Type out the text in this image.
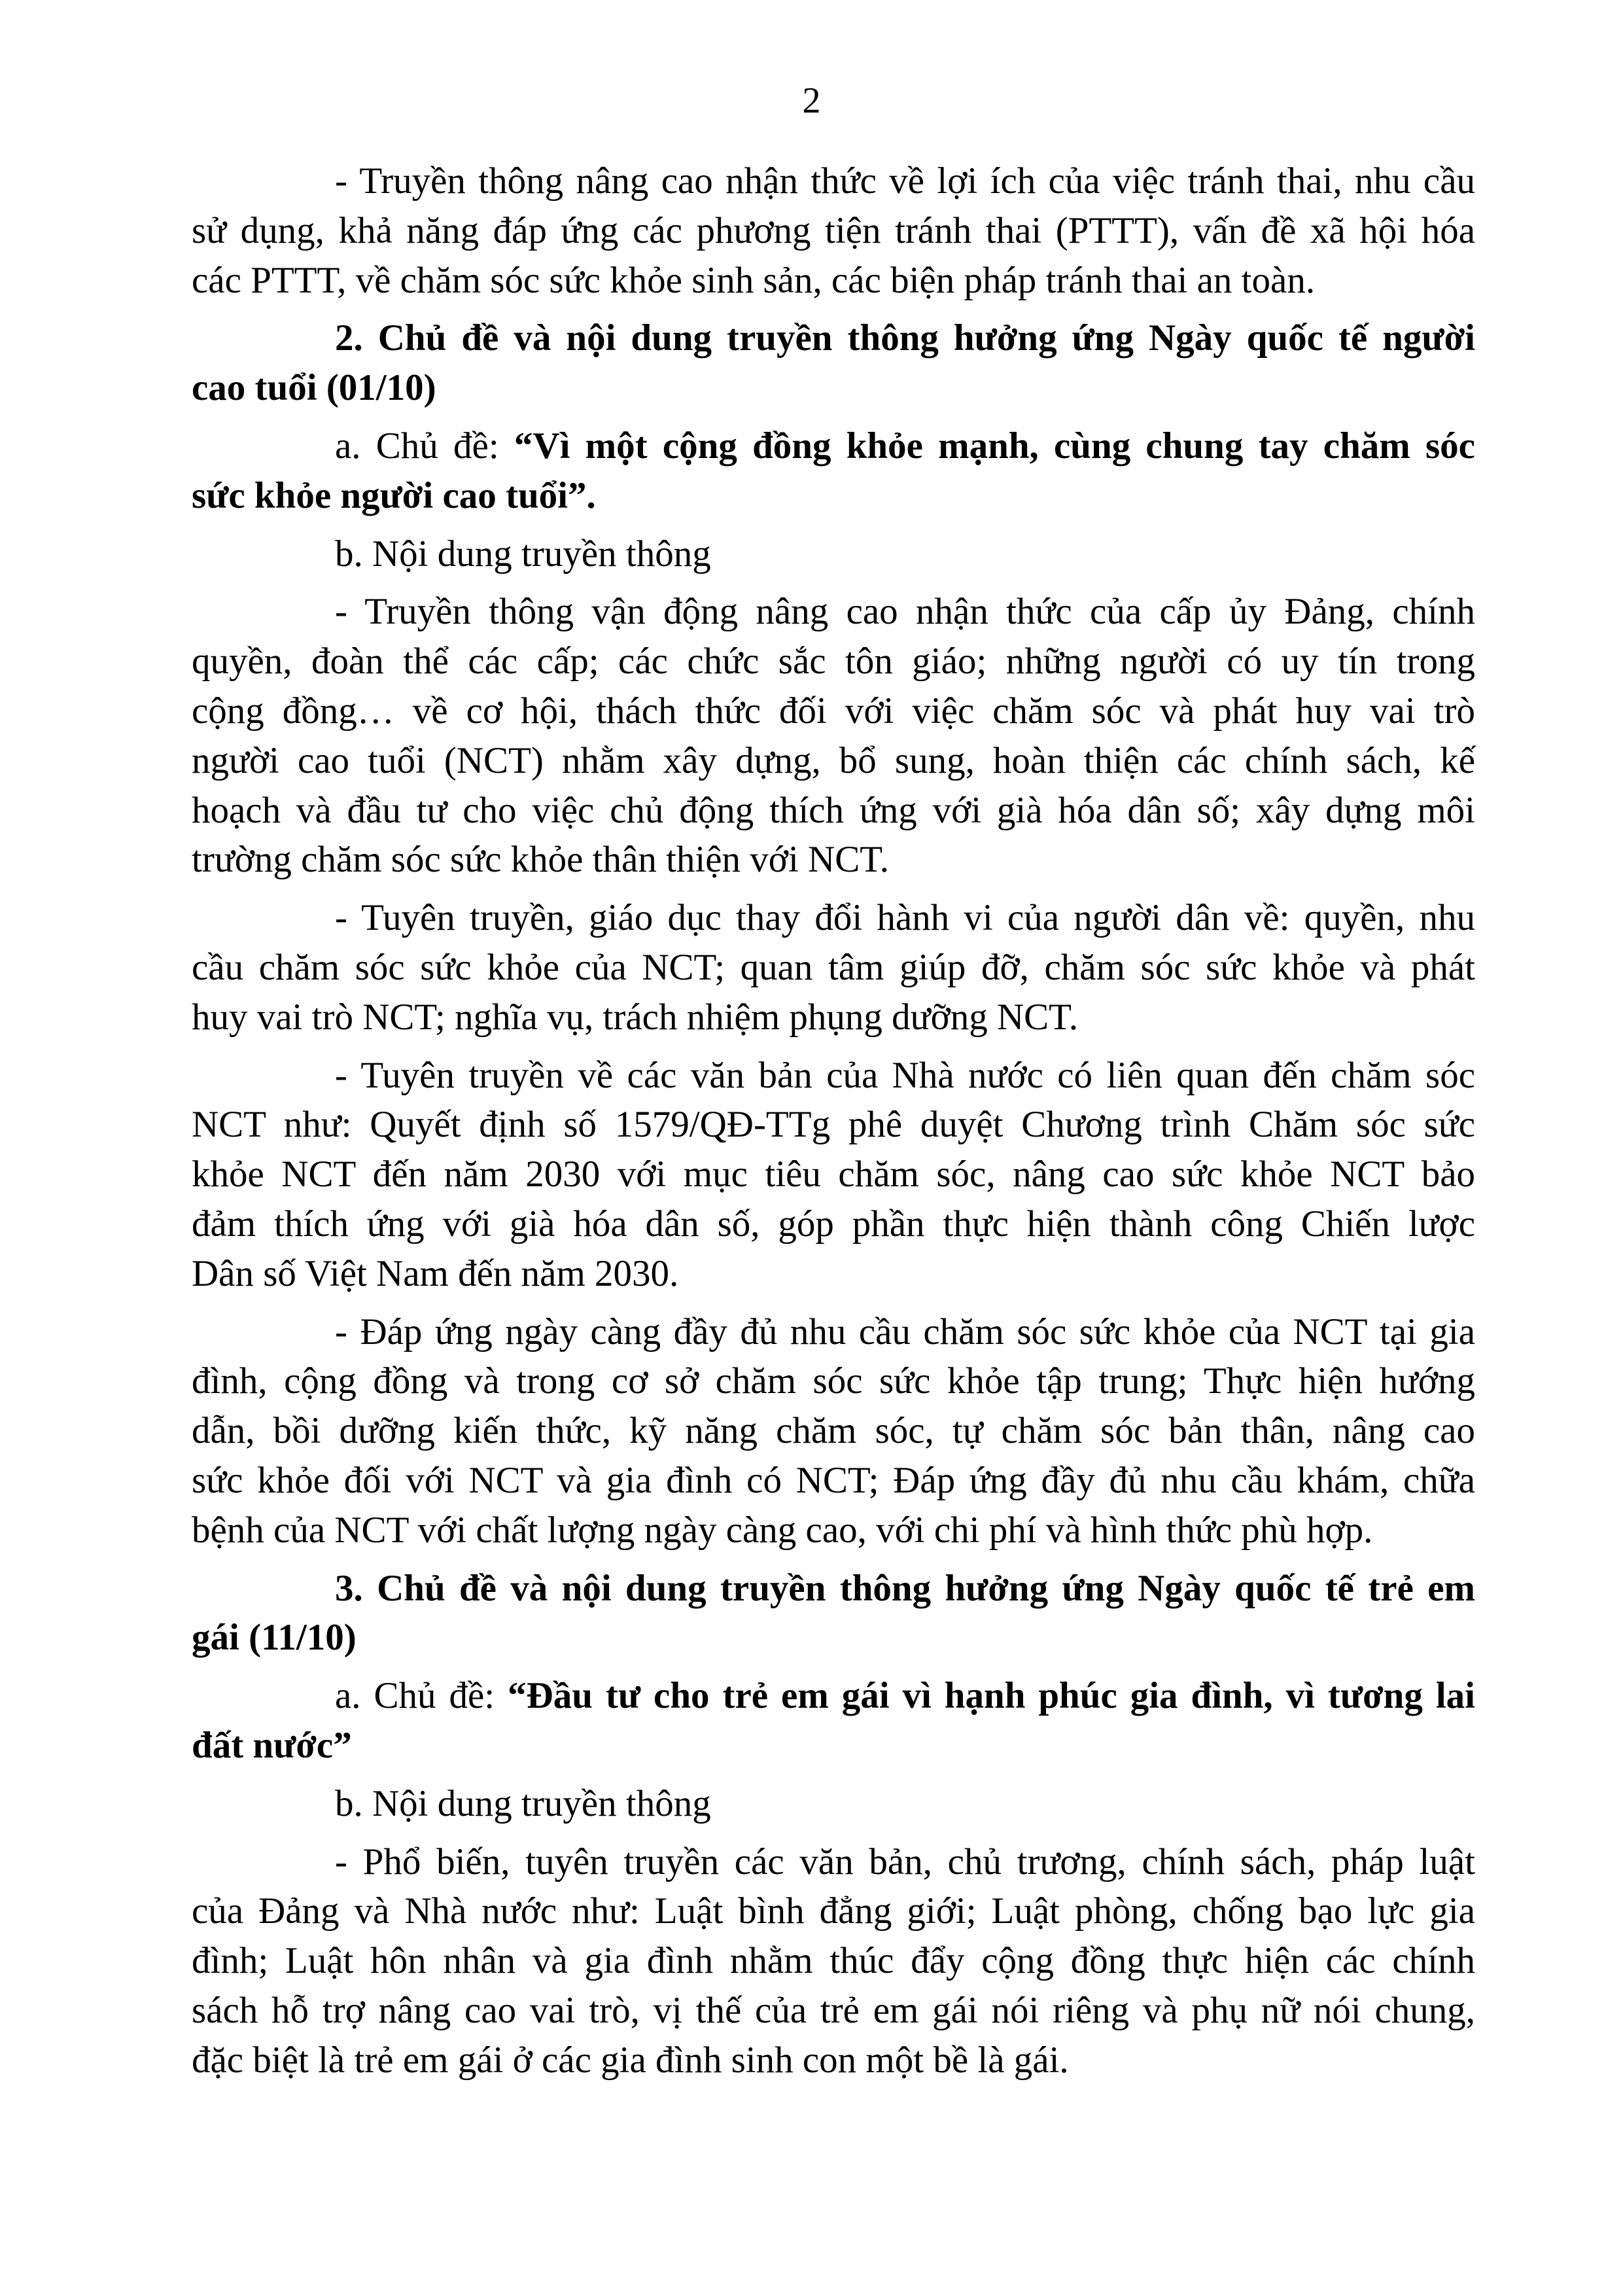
2
- Truyền thông nâng cao nhận thức về lợi ích của việc tránh thai, nhu cầu
sử dụng, khả năng đáp ứng các phương tiện tránh thai (PTTT), vấn đề xã hội hóa
các PTTT, về chăm sóc sức khỏe sinh sản, các biện pháp tránh thai an toàn.
2. Chủ đề và nội dung truyền thông hưởng ứng Ngày quốc tế người
cao tuổi (01/10)
a. Chủ đề: “Vì một cộng đồng khỏe mạnh, cùng chung tay chăm sóc
sức khỏe người cao tuổi”.
b. Nội dung truyền thông
- Truyền thông vận động nâng cao nhận thức của cấp ủy Đảng, chính
quyền, đoàn thể các cấp; các chức sắc tôn giáo; những người có uy tín trong
cộng đồng… về cơ hội, thách thức đối với việc chăm sóc và phát huy vai trò
người cao tuổi (NCT) nhằm xây dựng, bổ sung, hoàn thiện các chính sách, kế
hoạch và đầu tư cho việc chủ động thích ứng với già hóa dân số; xây dựng môi
trường chăm sóc sức khỏe thân thiện với NCT.
- Tuyên truyền, giáo dục thay đổi hành vi của người dân về: quyền, nhu
cầu chăm sóc sức khỏe của NCT; quan tâm giúp đỡ, chăm sóc sức khỏe và phát
huy vai trò NCT; nghĩa vụ, trách nhiệm phụng dưỡng NCT.
- Tuyên truyền về các văn bản của Nhà nước có liên quan đến chăm sóc
NCT như: Quyết định số 1579/QĐ-TTg phê duyệt Chương trình Chăm sóc sức
khỏe NCT đến năm 2030 với mục tiêu chăm sóc, nâng cao sức khỏe NCT bảo
đảm thích ứng với già hóa dân số, góp phần thực hiện thành công Chiến lược
Dân số Việt Nam đến năm 2030.
- Đáp ứng ngày càng đầy đủ nhu cầu chăm sóc sức khỏe của NCT tại gia
đình, cộng đồng và trong cơ sở chăm sóc sức khỏe tập trung; Thực hiện hướng
dẫn, bồi dưỡng kiến thức, kỹ năng chăm sóc, tự chăm sóc bản thân, nâng cao
sức khỏe đối với NCT và gia đình có NCT; Đáp ứng đầy đủ nhu cầu khám, chữa
bệnh của NCT với chất lượng ngày càng cao, với chi phí và hình thức phù hợp.
3. Chủ đề và nội dung truyền thông hưởng ứng Ngày quốc tế trẻ em
gái (11/10)
a. Chủ đề: “Đầu tư cho trẻ em gái vì hạnh phúc gia đình, vì tương lai
đất nước”
b. Nội dung truyền thông
- Phổ biến, tuyên truyền các văn bản, chủ trương, chính sách, pháp luật
của Đảng và Nhà nước như: Luật bình đẳng giới; Luật phòng, chống bạo lực gia
đình; Luật hôn nhân và gia đình nhằm thúc đẩy cộng đồng thực hiện các chính
sách hỗ trợ nâng cao vai trò, vị thế của trẻ em gái nói riêng và phụ nữ nói chung,
đặc biệt là trẻ em gái ở các gia đình sinh con một bề là gái.
